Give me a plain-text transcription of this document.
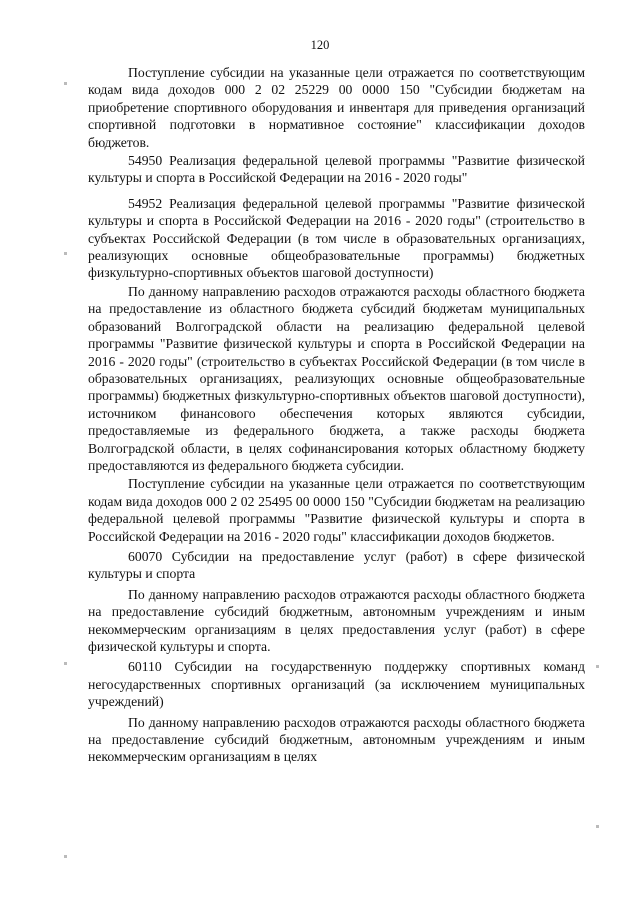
120

Поступление субсидии на указанные цели отражается по соответствующим кодам вида доходов 000 2 02 25229 00 0000 150 "Субсидии бюджетам на приобретение спортивного оборудования и инвентаря для приведения организаций спортивной подготовки в нормативное состояние" классификации доходов бюджетов.

54950 Реализация федеральной целевой программы "Развитие физической культуры и спорта в Российской Федерации на 2016 - 2020 годы"

54952 Реализация федеральной целевой программы "Развитие физической культуры и спорта в Российской Федерации на 2016 - 2020 годы" (строительство в субъектах Российской Федерации (в том числе в образовательных организациях, реализующих основные общеобразовательные программы) бюджетных физкультурно-спортивных объектов шаговой доступности)

По данному направлению расходов отражаются расходы областного бюджета на предоставление из областного бюджета субсидий бюджетам муниципальных образований Волгоградской области на реализацию федеральной целевой программы "Развитие физической культуры и спорта в Российской Федерации на 2016 - 2020 годы" (строительство в субъектах Российской Федерации (в том числе в образовательных организациях, реализующих основные общеобразовательные программы) бюджетных физкультурно-спортивных объектов шаговой доступности), источником финансового обеспечения которых являются субсидии, предоставляемые из федерального бюджета, а также расходы бюджета Волгоградской области, в целях софинансирования которых областному бюджету предоставляются из федерального бюджета субсидии.

Поступление субсидии на указанные цели отражается по соответствующим кодам вида доходов 000 2 02 25495 00 0000 150 "Субсидии бюджетам на реализацию федеральной целевой программы "Развитие физической культуры и спорта в Российской Федерации на 2016 - 2020 годы" классификации доходов бюджетов.

60070 Субсидии на предоставление услуг (работ) в сфере физической культуры и спорта

По данному направлению расходов отражаются расходы областного бюджета на предоставление субсидий бюджетным, автономным учреждениям и иным некоммерческим организациям в целях предоставления услуг (работ) в сфере физической культуры и спорта.

60110 Субсидии на государственную поддержку спортивных команд негосударственных спортивных организаций (за исключением муниципальных учреждений)

По данному направлению расходов отражаются расходы областного бюджета на предоставление субсидий бюджетным, автономным учреждениям и иным некоммерческим организациям в целях
